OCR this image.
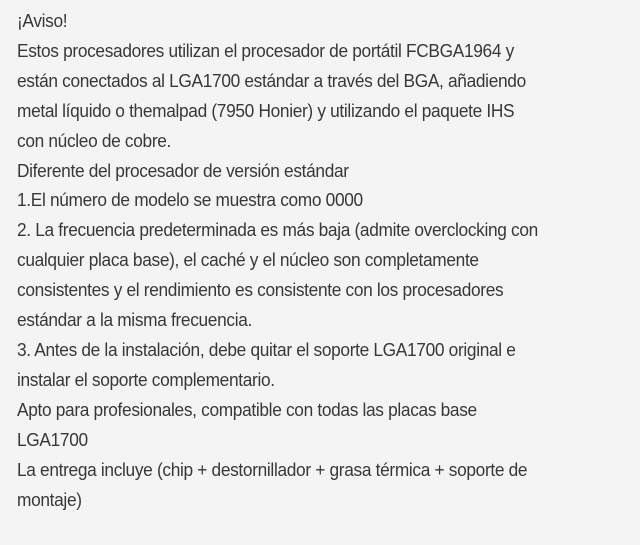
¡Aviso!
Estos procesadores utilizan el procesador de portátil FCBGA1964 y
están conectados al LGA1700 estándar a través del BGA, añadiendo
metal líquido o themalpad (7950 Honier) y utilizando el paquete IHS
con núcleo de cobre.
Diferente del procesador de versión estándar
1.El número de modelo se muestra como 0000
2. La frecuencia predeterminada es más baja (admite overclocking con
cualquier placa base), el caché y el núcleo son completamente
consistentes y el rendimiento es consistente con los procesadores
estándar a la misma frecuencia.
3. Antes de la instalación, debe quitar el soporte LGA1700 original e
instalar el soporte complementario.
Apto para profesionales, compatible con todas las placas base
LGA1700
La entrega incluye (chip + destornillador + grasa térmica + soporte de
montaje)
